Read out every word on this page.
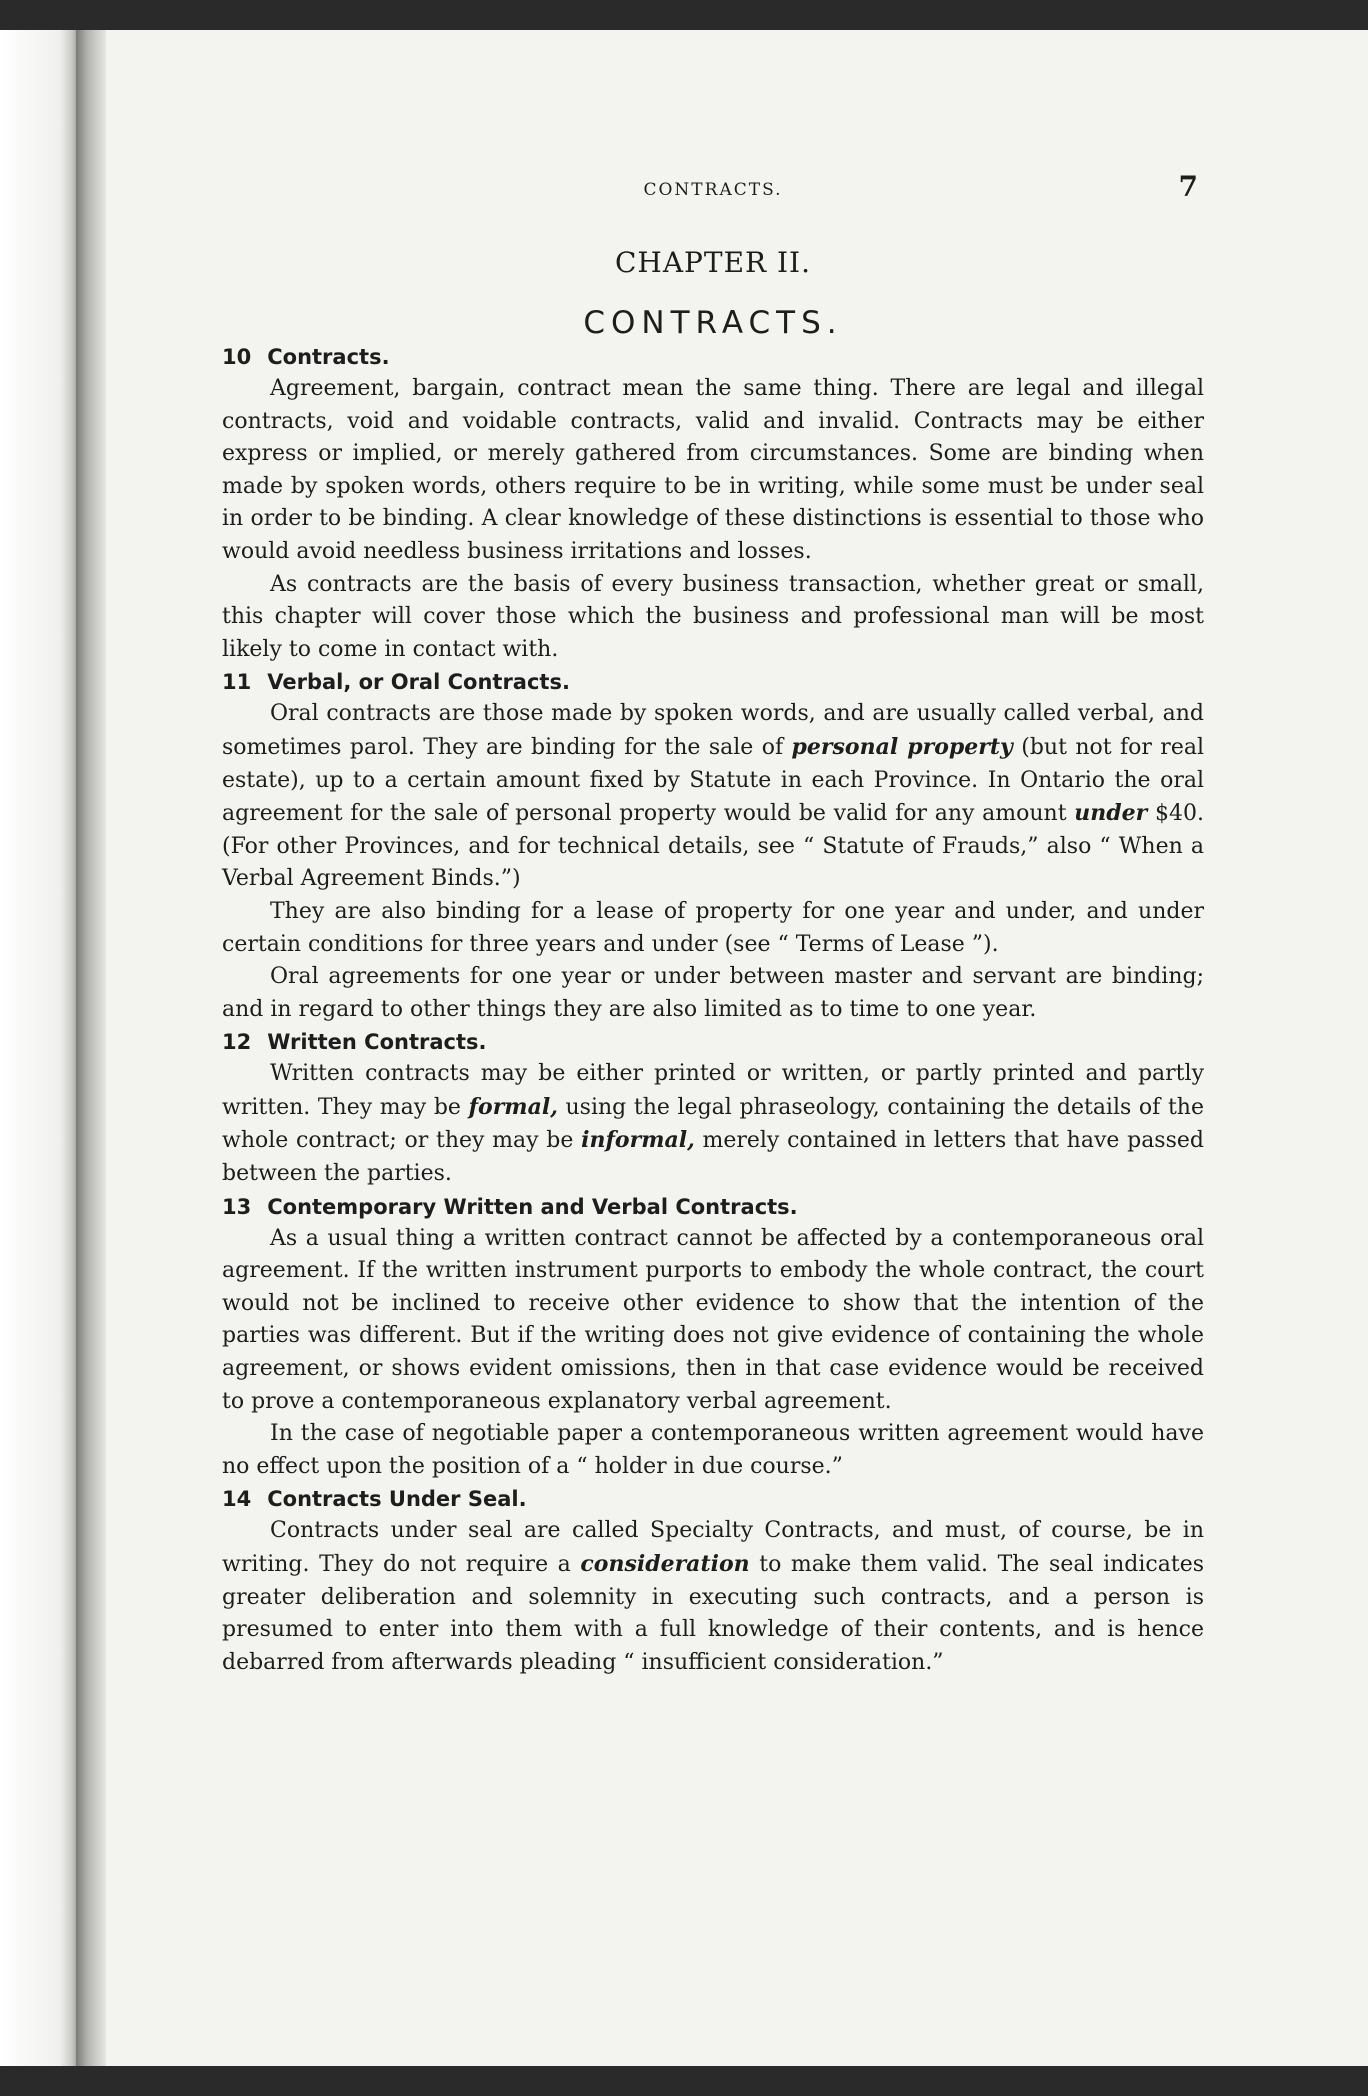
CONTRACTS.	7
CHAPTER II.
CONTRACTS.
10 Contracts.

Agreement, bargain, contract mean the same thing. There are legal and illegal contracts, void and voidable contracts, valid and invalid. Contracts may be either express or implied, or merely gathered from circumstances. Some are binding when made by spoken words, others require to be in writing, while some must be under seal in order to be binding. A clear knowledge of these distinctions is essential to those who would avoid needless business irritations and losses.

As contracts are the basis of every business transaction, whether great or small, this chapter will cover those which the business and professional man will be most likely to come in contact with.

11 Verbal, or Oral Contracts.

Oral contracts are those made by spoken words, and are usually called verbal, and sometimes parol. They are binding for the sale of personal property (but not for real estate), up to a certain amount fixed by Statute in each Province. In Ontario the oral agreement for the sale of personal property would be valid for any amount under $40. (For other Provinces, and for technical details, see “ Statute of Frauds,” also “ When a Verbal Agreement Binds.”)

They are also binding for a lease of property for one year and under, and under certain conditions for three years and under (see “ Terms of Lease ”).

Oral agreements for one year or under between master and servant are binding; and in regard to other things they are also limited as to time to one year.

12 Written Contracts.

Written contracts may be either printed or written, or partly printed and partly written. They may be formal, using the legal phraseology, containing the details of the whole contract; or they may be informal, merely contained in letters that have passed between the parties.

13 Contemporary Written and Verbal Contracts.

As a usual thing a written contract cannot be affected by a contemporaneous oral agreement. If the written instrument purports to embody the whole contract, the court would not be inclined to receive other evidence to show that the intention of the parties was different. But if the writing does not give evidence of containing the whole agreement, or shows evident omissions, then in that case evidence would be received to prove a contemporaneous explanatory verbal agreement.

In the case of negotiable paper a contemporaneous written agreement would have no effect upon the position of a “ holder in due course.”

14 Contracts Under Seal.

Contracts under seal are called Specialty Contracts, and must, of course, be in writing. They do not require a consideration to make them valid. The seal indicates greater deliberation and solemnity in executing such contracts, and a person is presumed to enter into them with a full knowledge of their contents, and is hence debarred from afterwards pleading “ insufficient consideration.”
